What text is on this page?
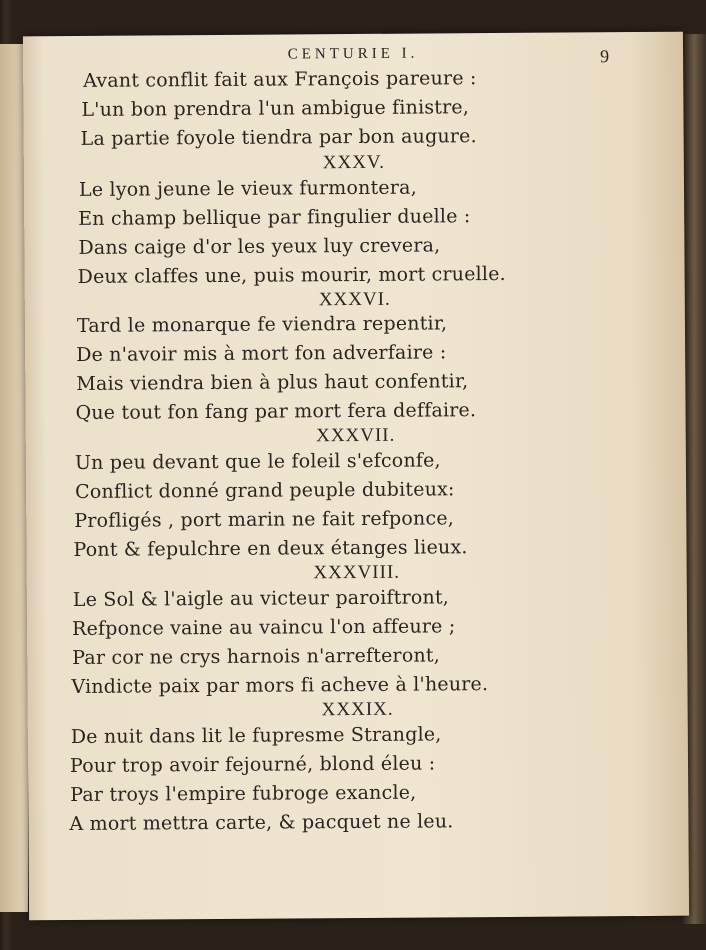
CENTURIE I.	9
Avant conflit fait aux François pareure :
L'un bon prendra l'un ambigue finistre,
La partie foyole tiendra par bon augure.
XXXV.
Le lyon jeune le vieux furmontera,
En champ bellique par fingulier duelle :
Dans caige d'or les yeux luy crevera,
Deux claffes une, puis mourir, mort cruelle.
XXXVI.
Tard le monarque fe viendra repentir,
De n'avoir mis à mort fon adverfaire :
Mais viendra bien à plus haut confentir,
Que tout fon fang par mort fera deffaire.
XXXVII.
Un peu devant que le foleil s'efconfe,
Conflict donné grand peuple dubiteux:
Profligés , port marin ne fait refponce,
Pont & fepulchre en deux étanges lieux.
XXXVIII.
Le Sol & l'aigle au victeur paroiftront,
Refponce vaine au vaincu l'on affeure ;
Par cor ne crys harnois n'arrefteront,
Vindicte paix par mors fi acheve à l'heure.
XXXIX.
De nuit dans lit le fupresme Strangle,
Pour trop avoir fejourné, blond éleu :
Par troys l'empire fubroge exancle,
A mort mettra carte, & pacquet ne leu.
